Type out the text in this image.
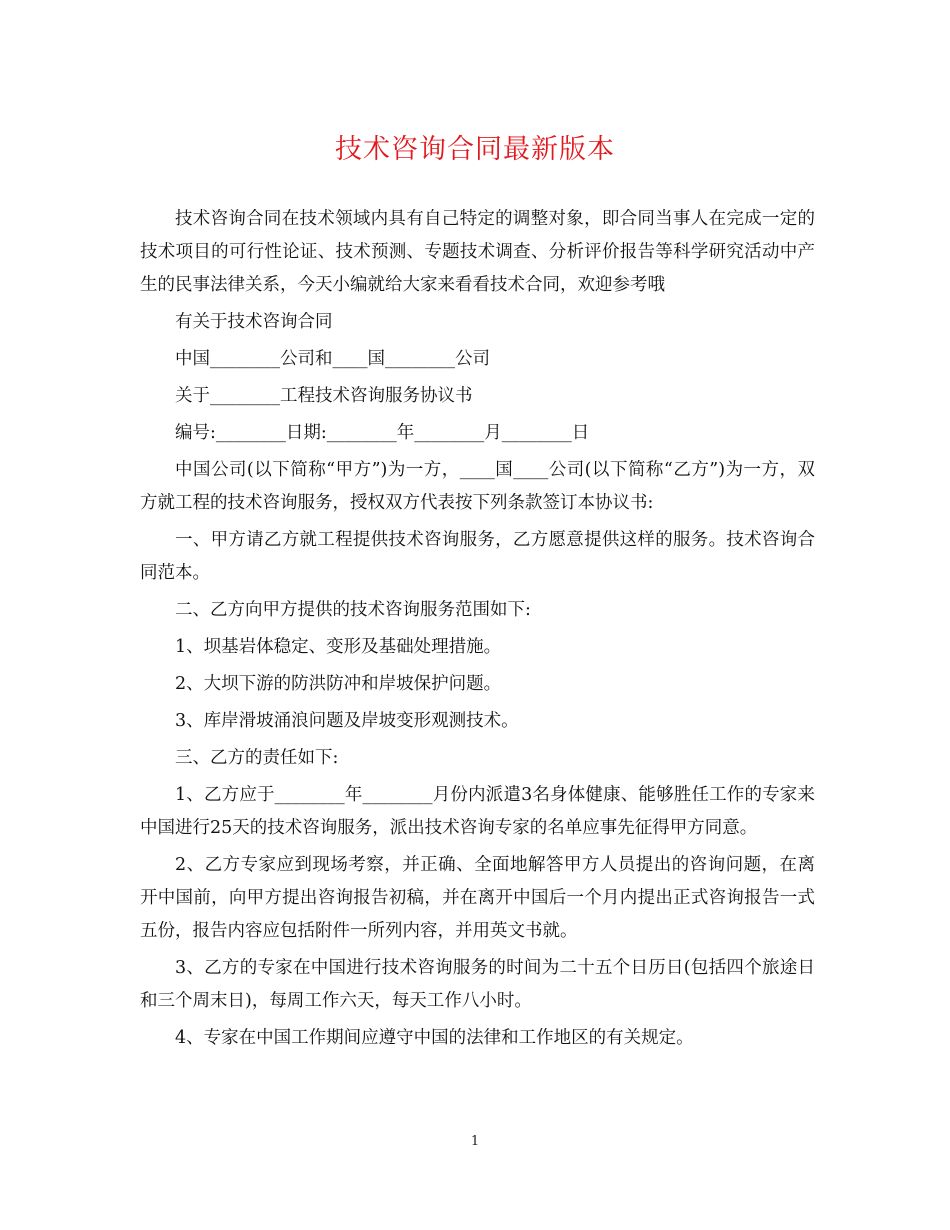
技术咨询合同最新版本

技术咨询合同在技术领域内具有自己特定的调整对象，即合同当事人在完成一定的技术项目的可行性论证、技术预测、专题技术调查、分析评价报告等科学研究活动中产生的民事法律关系，今天小编就给大家来看看技术合同，欢迎参考哦

有关于技术咨询合同

中国________公司和____国________公司

关于________工程技术咨询服务协议书

编号:________日期:________年________月________日

中国公司(以下简称“甲方”)为一方，____国____公司(以下简称“乙方”)为一方，双方就工程的技术咨询服务，授权双方代表按下列条款签订本协议书:

一、甲方请乙方就工程提供技术咨询服务，乙方愿意提供这样的服务。技术咨询合同范本。

二、乙方向甲方提供的技术咨询服务范围如下:

1、坝基岩体稳定、变形及基础处理措施。

2、大坝下游的防洪防冲和岸坡保护问题。

3、库岸滑坡涌浪问题及岸坡变形观测技术。

三、乙方的责任如下:

1、乙方应于________年________月份内派遣3名身体健康、能够胜任工作的专家来中国进行25天的技术咨询服务，派出技术咨询专家的名单应事先征得甲方同意。

2、乙方专家应到现场考察，并正确、全面地解答甲方人员提出的咨询问题，在离开中国前，向甲方提出咨询报告初稿，并在离开中国后一个月内提出正式咨询报告一式五份，报告内容应包括附件一所列内容，并用英文书就。

3、乙方的专家在中国进行技术咨询服务的时间为二十五个日历日(包括四个旅途日和三个周末日)，每周工作六天，每天工作八小时。

4、专家在中国工作期间应遵守中国的法律和工作地区的有关规定。

1
